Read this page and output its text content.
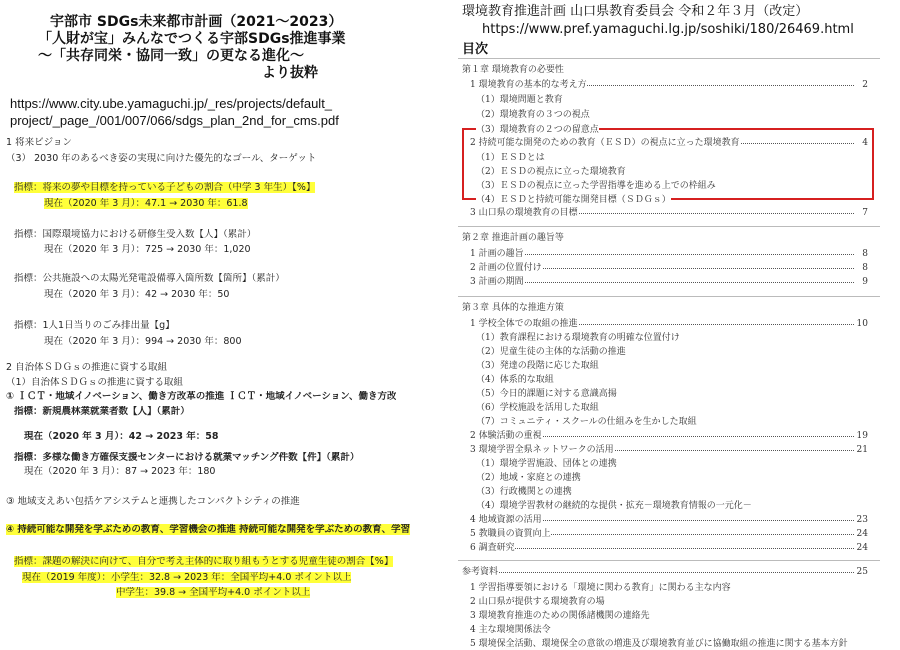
宇部市 SDGs未来都市計画（2021～2023）
「人財が宝」みんなでつくる宇部SDGs推進事業
～「共存同栄・協同一致」の更なる進化～
より抜粋
https://www.city.ube.yamaguchi.jp/_res/projects/default_
project/_page_/001/007/066/sdgs_plan_2nd_for_cms.pdf
1 将来ビジョン
（3） 2030 年のあるべき姿の実現に向けた優先的なゴール、ターゲット
指標：将来の夢や目標を持っている子どもの割合（中学 3 年生）【%】
現在（2020 年 3 月）：47.1 → 2030 年：61.8
指標：国際環境協力における研修生受入数【人】（累計）
現在（2020 年 3 月）：725 → 2030 年：1,020
指標：公共施設への太陽光発電設備導入箇所数【箇所】（累計）
現在（2020 年 3 月）：42 → 2030 年：50
指標：1人1日当りのごみ排出量【g】
現在（2020 年 3 月）：994 → 2030 年：800
2 自治体ＳＤＧｓの推進に資する取組
（1）自治体ＳＤＧｓの推進に資する取組
① ＩＣＴ・地域イノベーション、働き方改革の推進 ＩＣＴ・地域イノベーション、働き方改
指標：新規農林業就業者数【人】（累計）
現在（2020 年 3 月）：42 → 2023 年：58
指標：多様な働き方確保支援センターにおける就業マッチング件数【件】（累計）
現在（2020 年 3 月）：87 → 2023 年：180
③ 地域支えあい包括ケアシステムと連携したコンパクトシティの推進
④ 持続可能な開発を学ぶための教育、学習機会の推進 持続可能な開発を学ぶための教育、学習
指標：課題の解決に向けて、自分で考え主体的に取り組もうとする児童生徒の割合【%】
現在（2019 年度）：小学生：32.8 → 2023 年：全国平均+4.0 ポイント以上
中学生：39.8 → 全国平均+4.0 ポイント以上
環境教育推進計画 山口県教育委員会 令和２年３月（改定）
https://www.pref.yamaguchi.lg.jp/soshiki/180/26469.html
目次
第１章 環境教育の必要性
1 環境教育の基本的な考え方	2
（1）環境問題と教育
（2）環境教育の３つの視点
（3）環境教育の２つの留意点
2 持続可能な開発のための教育（ＥＳＤ）の視点に立った環境教育	4
（1）ＥＳＤとは
（2）ＥＳＤの視点に立った環境教育
（3）ＥＳＤの視点に立った学習指導を進める上での枠組み
（4）ＥＳＤと持続可能な開発目標（ＳＤＧｓ）
3 山口県の環境教育の目標	7
第２章 推進計画の趣旨等
1 計画の趣旨	8
2 計画の位置付け	8
3 計画の期間	9
第３章 具体的な推進方策
1 学校全体での取組の推進	10
（1）教育課程における環境教育の明確な位置付け
（2）児童生徒の主体的な活動の推進
（3）発達の段階に応じた取組
（4）体系的な取組
（5）今日的課題に対する意識高揚
（6）学校施設を活用した取組
（7）コミュニティ・スクールの仕組みを生かした取組
2 体験活動の重視	19
3 環境学習全県ネットワークの活用	21
（1）環境学習施設、団体との連携
（2）地域・家庭との連携
（3）行政機関との連携
（4）環境学習教材の継続的な提供・拡充－環境教育情報の一元化－
4 地域資源の活用	23
5 教職員の資質向上	24
6 調査研究	24
参考資料	25
1 学習指導要領における「環境に関わる教育」に関わる主な内容
2 山口県が提供する環境教育の場
3 環境教育推進のための関係諸機関の連絡先
4 主な環境関係法令
5 環境保全活動、環境保全の意欲の増進及び環境教育並びに協働取組の推進に関する基本方針
